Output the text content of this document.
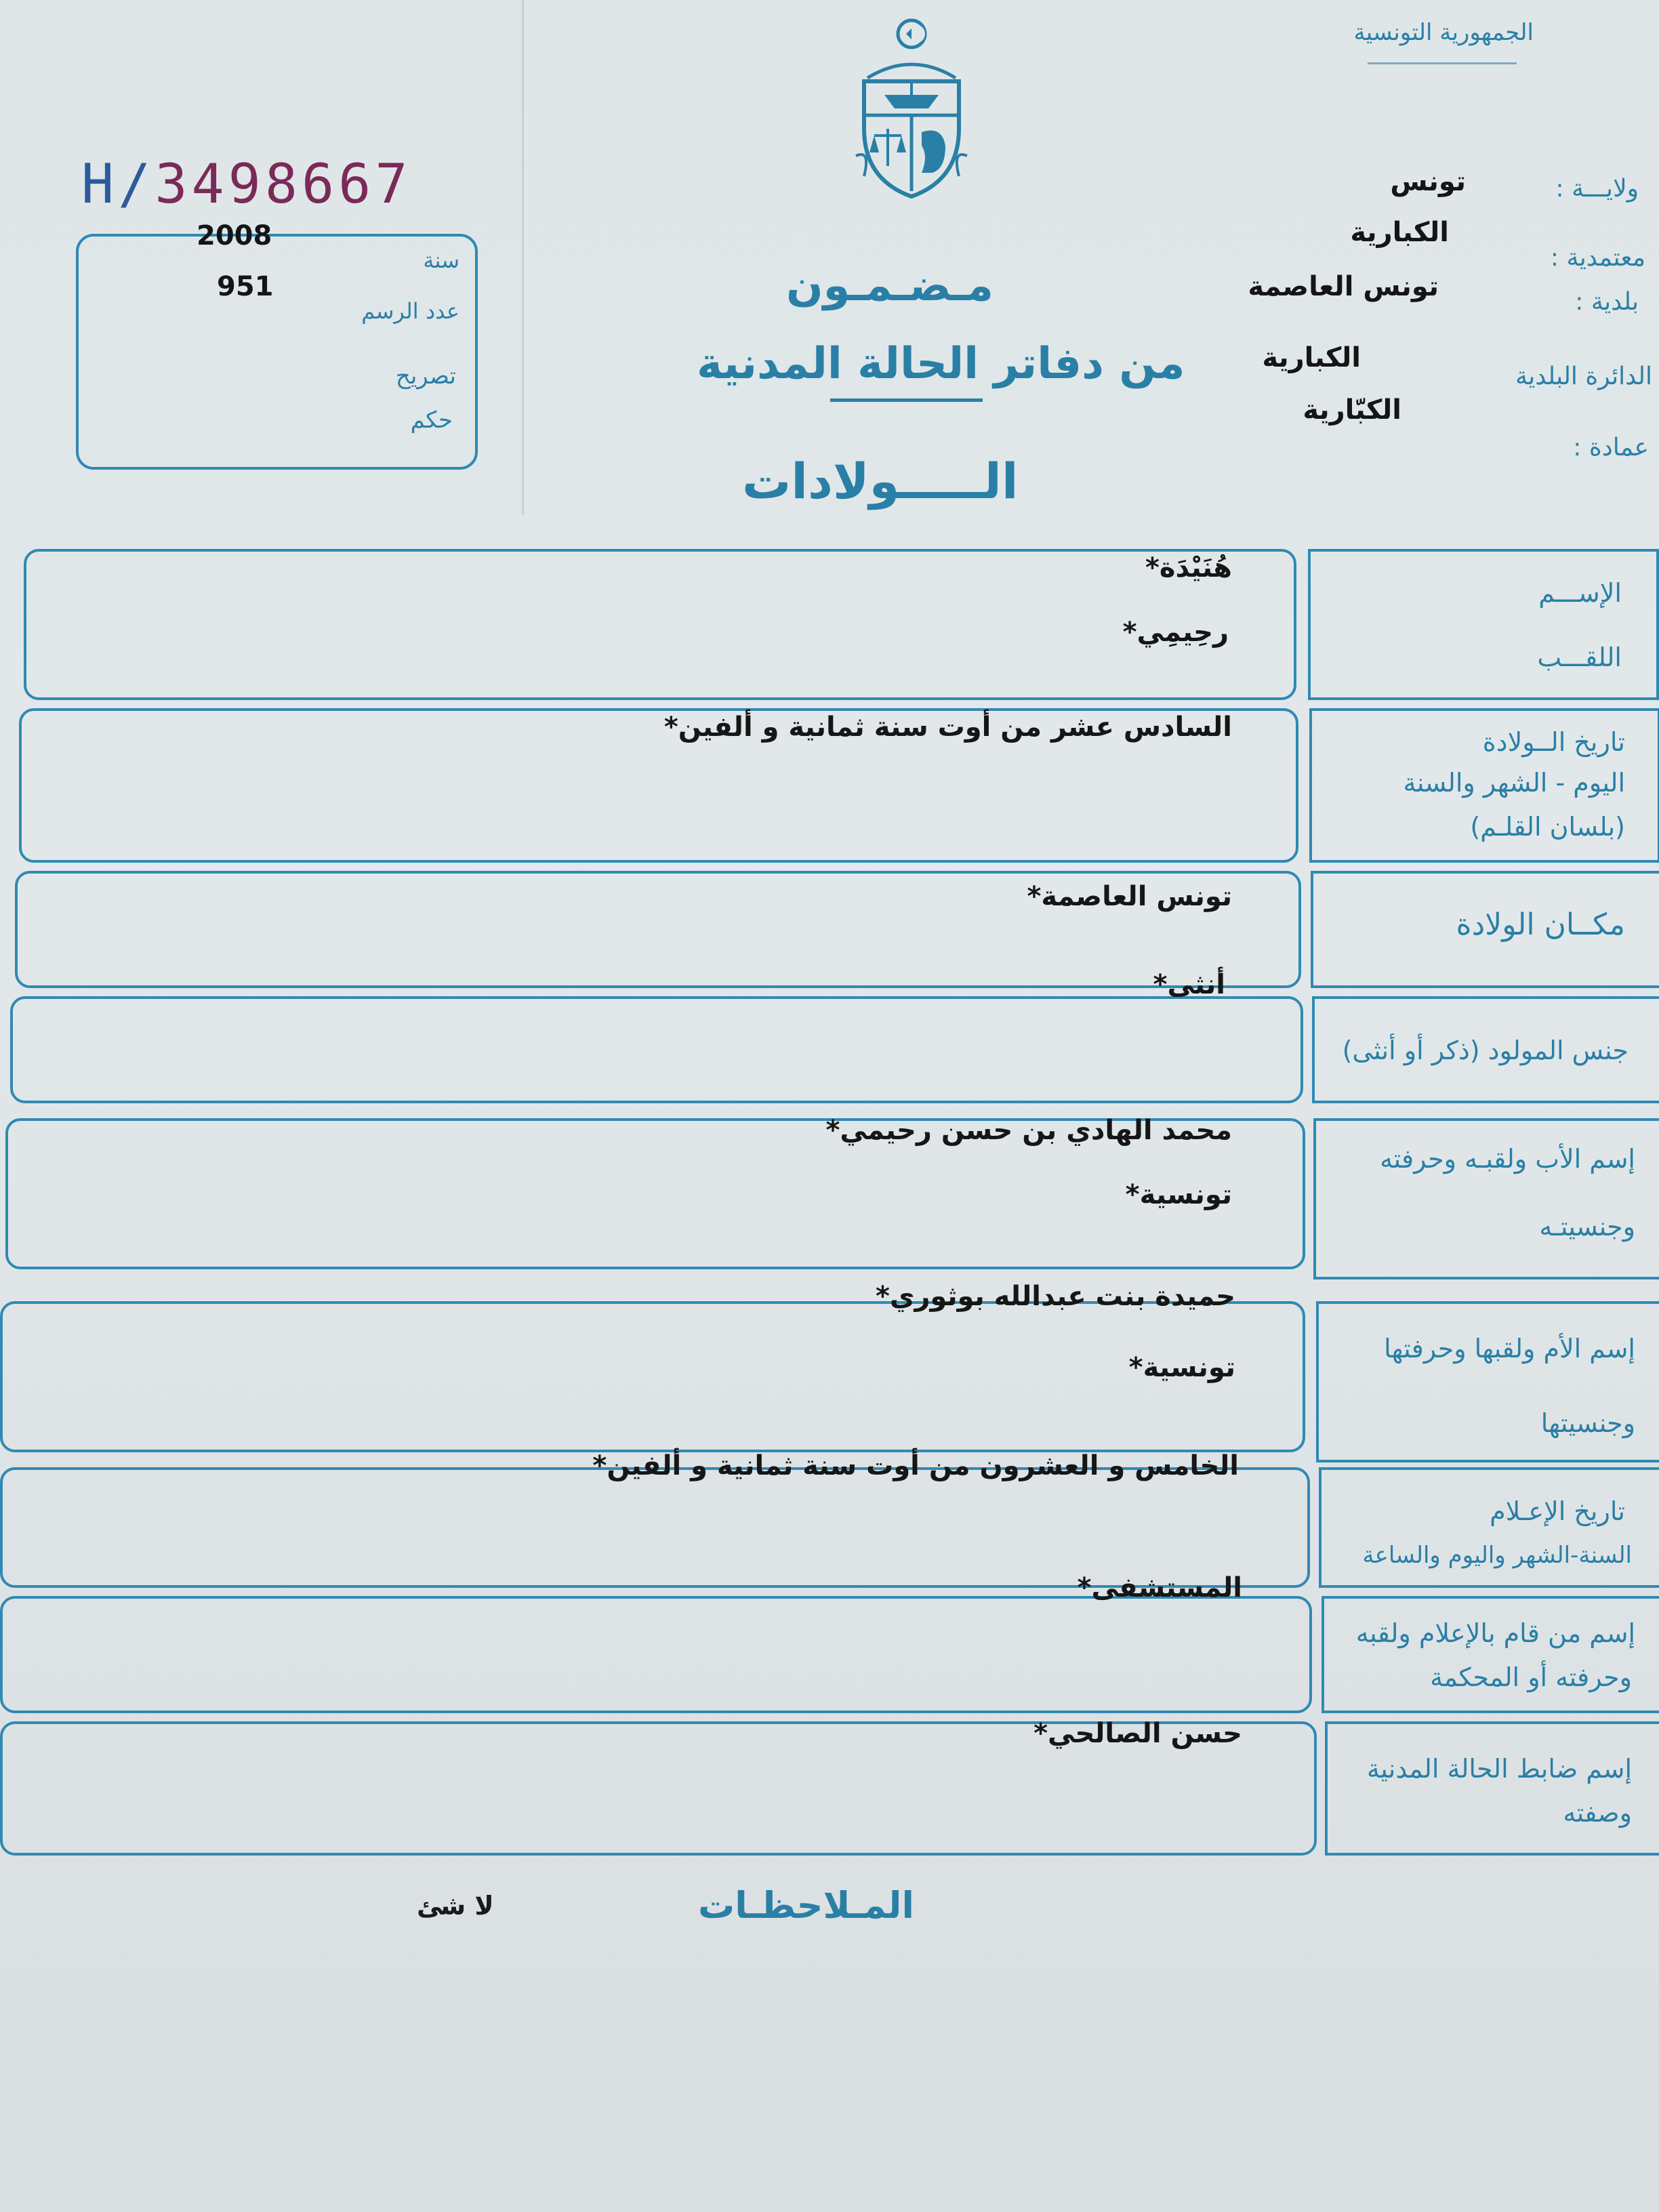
الجمهورية التونسية
H/3498667
2008
سنة
951
عدد الرسم
تصريح
حكم
مـضـمـون
من دفاتر الحالة المدنية
الـــــولادات
ولايـــة :
معتمدية :
بلدية :
الدائرة البلدية
عمادة :
تونس
الكبارية
تونس العاصمة
الكبارية
الكبّارية
الإســـم
اللقـــب
هُنَيْدَة*
رحِيمِي*
تاريخ الــولادة
اليوم - الشهر والسنة
(بلسان القلـم)
السادس عشر من أوت سنة ثمانية و ألفين*
مكــان الولادة
تونس العاصمة*
جنس المولود (ذكر أو أنثى)
أنثى*
إسم الأب ولقبـه وحرفته
وجنسيتـه
محمد الهادي بن حسن رحيمي*
تونسية*
إسم الأم ولقبها وحرفتها
وجنسيتها
حميدة بنت عبدالله بوثوري*
تونسية*
تاريخ الإعـلام
السنة-الشهر واليوم والساعة
الخامس و العشرون من أوت سنة ثمانية و ألفين*
إسم من قام بالإعلام ولقبه
وحرفته أو المحكمة
المستشفى*
إسم ضابط الحالة المدنية
وصفته
حسن الصالحي*
المـلاحظـات
لا شئ
